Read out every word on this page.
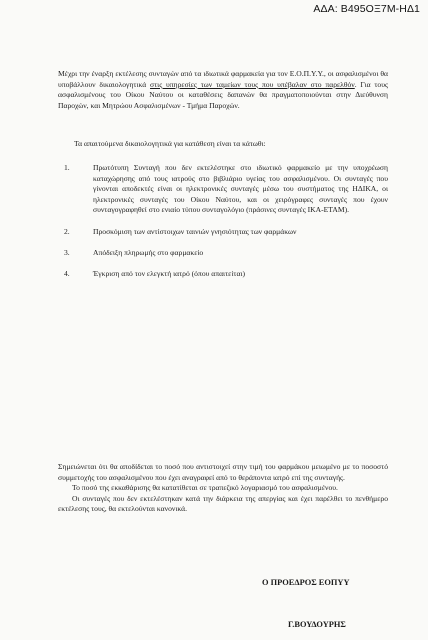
ΑΔΑ: Β495ΟΞ7Μ-ΗΔ1

Μέχρι την έναρξη εκτέλεσης συνταγών από τα ιδιωτικά φαρμακεία για τον Ε.Ο.Π.Υ.Υ., οι ασφαλισμένοι θα υποβάλλουν δικαιολογητικά στις υπηρεσίες των ταμείων τους που υπέβαλαν στο παρελθόν. Για τους ασφαλισμένους του Οίκου Ναύτου οι καταθέσεις δαπανών θα πραγματοποιούνται στην Διεύθυνση Παροχών, και Μητρώου Ασφαλισμένων - Τμήμα Παροχών.

Τα απαιτούμενα δικαιολογητικά για κατάθεση είναι τα κάτωθι:

1.	Πρωτότυπη Συνταγή που δεν εκτελέστηκε στο ιδιωτικό φαρμακείο με την υποχρέωση καταχώρησης από τους ιατρούς στο βιβλιάριο υγείας του ασφαλισμένου. Οι συνταγές που γίνονται αποδεκτές είναι οι ηλεκτρονικές συνταγές μέσω του συστήματος της ΗΔΙΚΑ, οι ηλεκτρονικές συνταγές του Οίκου Ναύτου, και οι χειρόγραφες συνταγές που έχουν συνταγογραφηθεί στο ενιαίο τύπου συνταγολόγιο (πράσινες συνταγές ΙΚΑ-ΕΤΑΜ).
2.	Προσκόμιση των αντίστοιχων ταινιών γνησιότητας των φαρμάκων
3.	Απόδειξη πληρωμής στο φαρμακείο
4.	Έγκριση από τον ελεγκτή ιατρό (όπου απαιτείται)

Σημειώνεται ότι θα αποδίδεται το ποσό που αντιστοιχεί στην τιμή του φαρμάκου μειωμένο με το ποσοστό συμμετοχής του ασφαλισμένου που έχει αναγραφεί από το θεράποντα ιατρό επί της συνταγής.

Το ποσό της εκκαθάρισης θα κατατίθεται σε τραπεζικό λογαριασμό του ασφαλισμένου.

Οι συνταγές που δεν εκτελέστηκαν κατά την διάρκεια της απεργίας και έχει παρέλθει το πενθήμερο εκτέλεσης τους, θα εκτελούνται κανονικά.

Ο ΠΡΟΕΔΡΟΣ ΕΟΠΥΥ

Γ.ΒΟΥΔΟΥΡΗΣ
